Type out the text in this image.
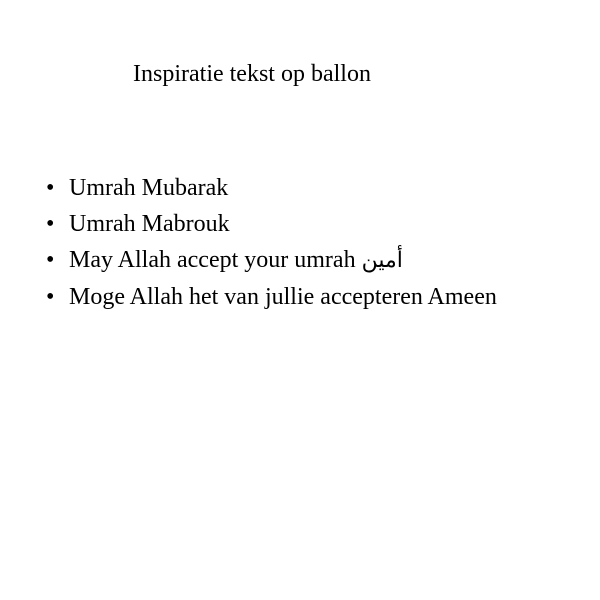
Inspiratie tekst op ballon
• Umrah Mubarak
• Umrah Mabrouk
• May Allah accept your umrah أمين
• Moge Allah het van jullie accepteren Ameen
